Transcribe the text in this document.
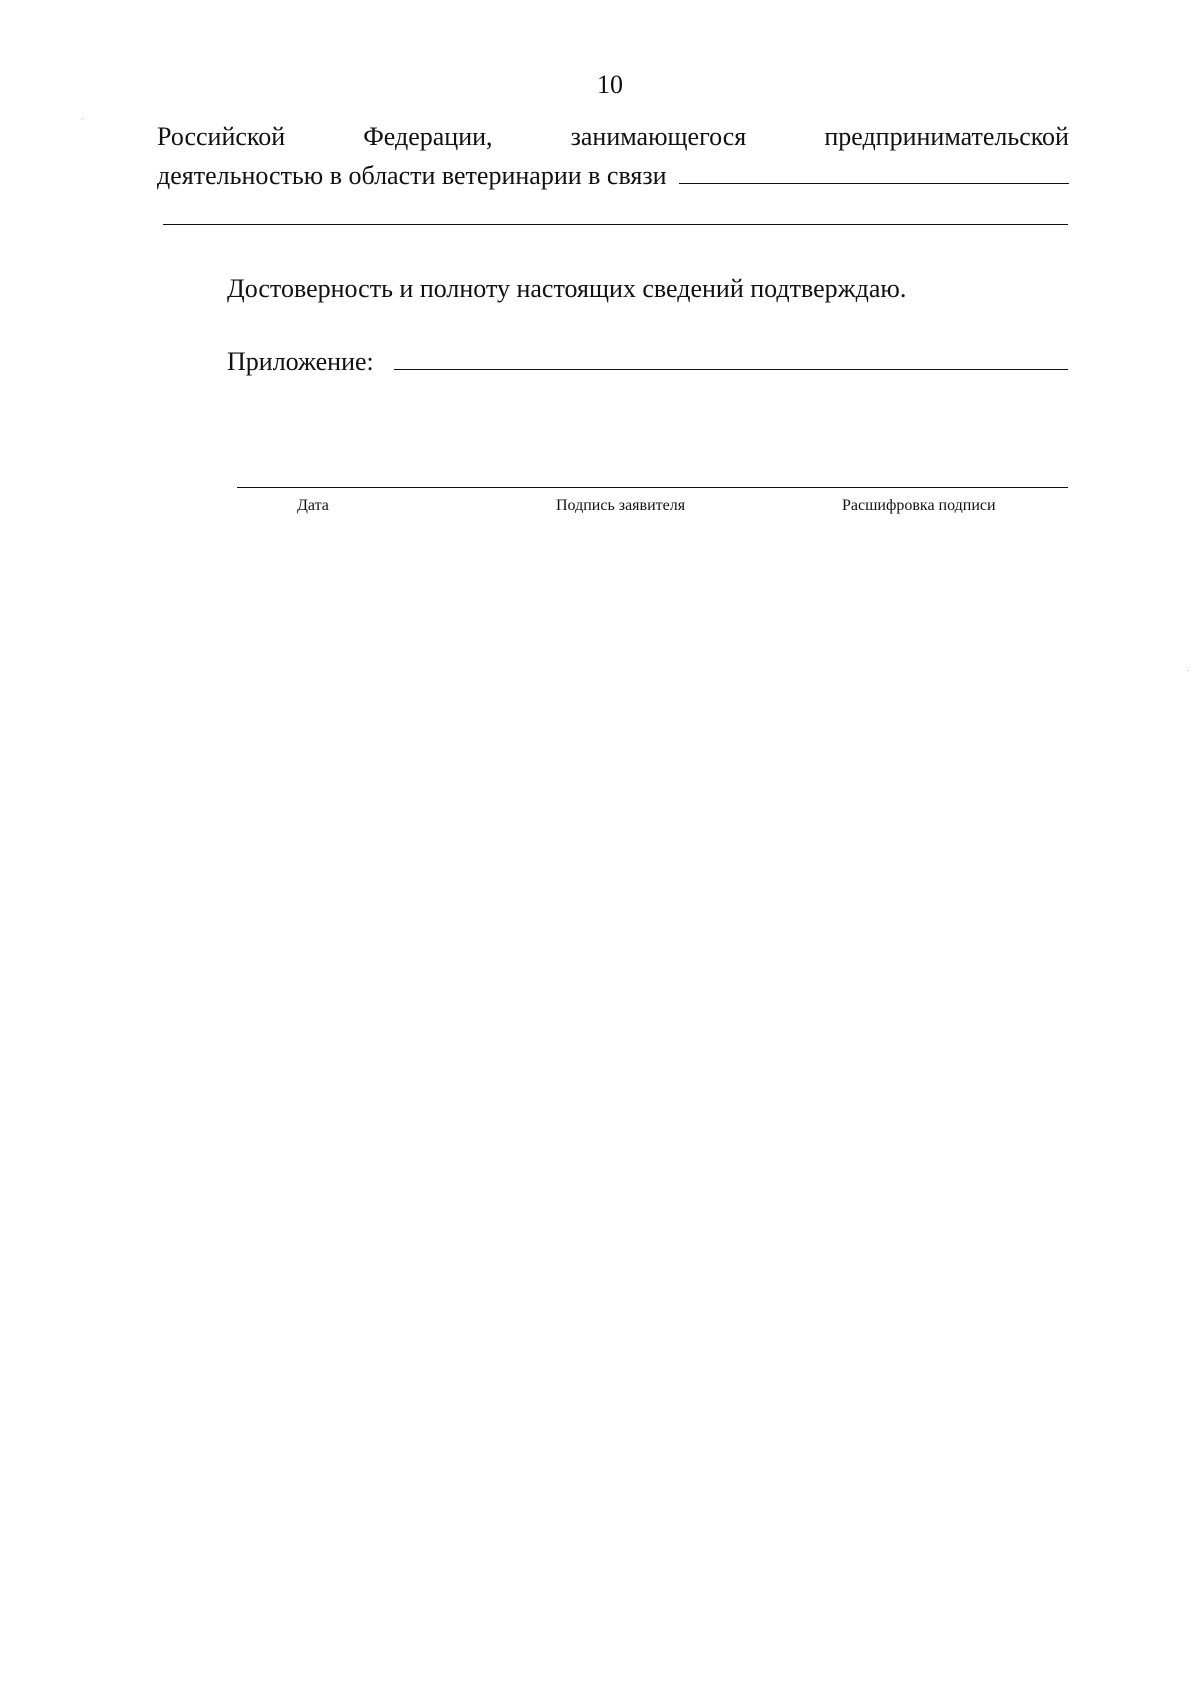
10
Российской	Федерации,	занимающегося	предпринимательской
деятельностью в области ветеринарии в связи
Достоверность и полноту настоящих сведений подтверждаю.
Приложение:
Дата	Подпись заявителя	Расшифровка подписи
